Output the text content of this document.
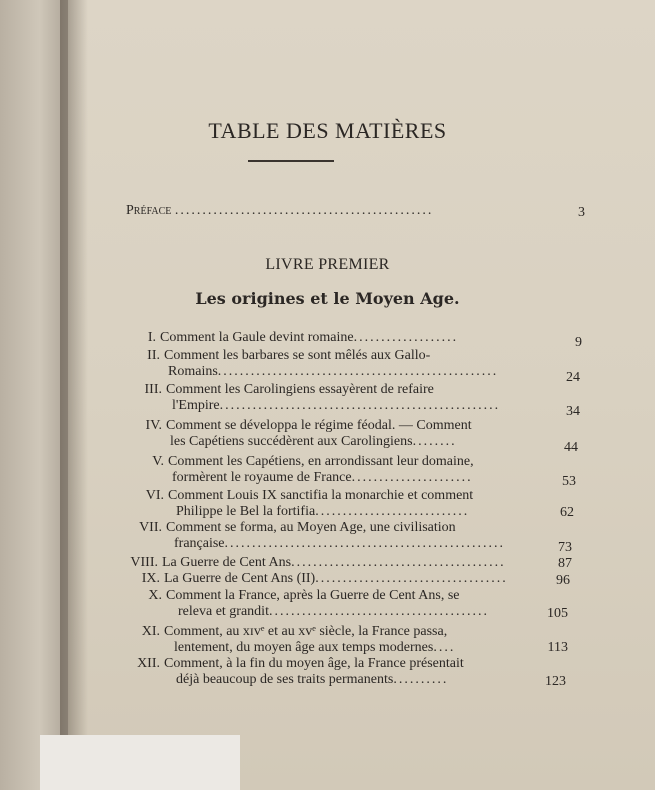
TABLE DES MATIÈRES
Préface ...............................................	3
LIVRE PREMIER
Les origines et le Moyen Age.
I. Comment la Gaule devint romaine...................	9
II. Comment les barbares se sont mêlés aux Gallo-
Romains...................................................	24
III. Comment les Carolingiens essayèrent de refaire
l'Empire...................................................	34
IV. Comment se développa le régime féodal. — Comment
les Capétiens succédèrent aux Carolingiens........	44
V. Comment les Capétiens, en arrondissant leur domaine,
formèrent le royaume de France......................	53
VI. Comment Louis IX sanctifia la monarchie et comment
Philippe le Bel la fortifia............................	62
VII. Comment se forma, au Moyen Age, une civilisation
française...................................................	73
VIII. La Guerre de Cent Ans.......................................	87
IX. La Guerre de Cent Ans (II)...................................	96
X. Comment la France, après la Guerre de Cent Ans, se
releva et grandit........................................	105
XI. Comment, au xɪᴠᵉ et au xᴠᵉ siècle, la France passa,
lentement, du moyen âge aux temps modernes....	113
XII. Comment, à la fin du moyen âge, la France présentait
déjà beaucoup de ses traits permanents..........	123
